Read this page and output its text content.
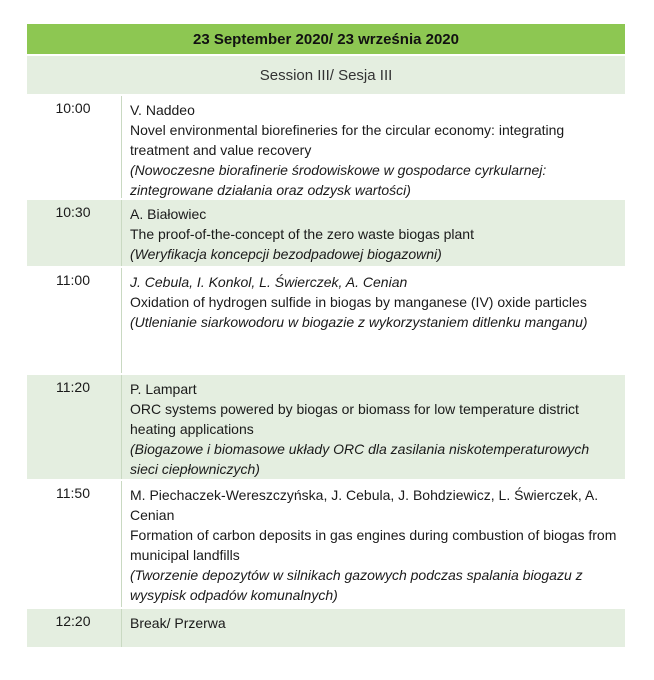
23 September 2020/ 23 września 2020
Session III/ Sesja III
10:00	V. Naddeo
Novel environmental biorefineries for the circular economy: integrating treatment and value recovery
(Nowoczesne biorafinerie środowiskowe w gospodarce cyrkularnej: zintegrowane działania oraz odzysk wartości)
10:30	A. Białowiec
The proof-of-the-concept of the zero waste biogas plant
(Weryfikacja koncepcji bezodpadowej biogazowni)
11:00	J. Cebula, I. Konkol, L. Świerczek, A. Cenian
Oxidation of hydrogen sulfide in biogas by manganese (IV) oxide particles
(Utlenianie siarkowodoru w biogazie z wykorzystaniem ditlenku manganu)
11:20	P. Lampart
ORC systems powered by biogas or biomass for low temperature district heating applications
(Biogazowe i biomasowe układy ORC dla zasilania niskotemperaturowych sieci ciepłowniczych)
11:50	M. Piechaczek-Wereszczyńska, J. Cebula, J. Bohdziewicz, L. Świerczek, A. Cenian
Formation of carbon deposits in gas engines during combustion of biogas from municipal landfills
(Tworzenie depozytów w silnikach gazowych podczas spalania biogazu z wysypisk odpadów komunalnych)
12:20	Break/ Przerwa
